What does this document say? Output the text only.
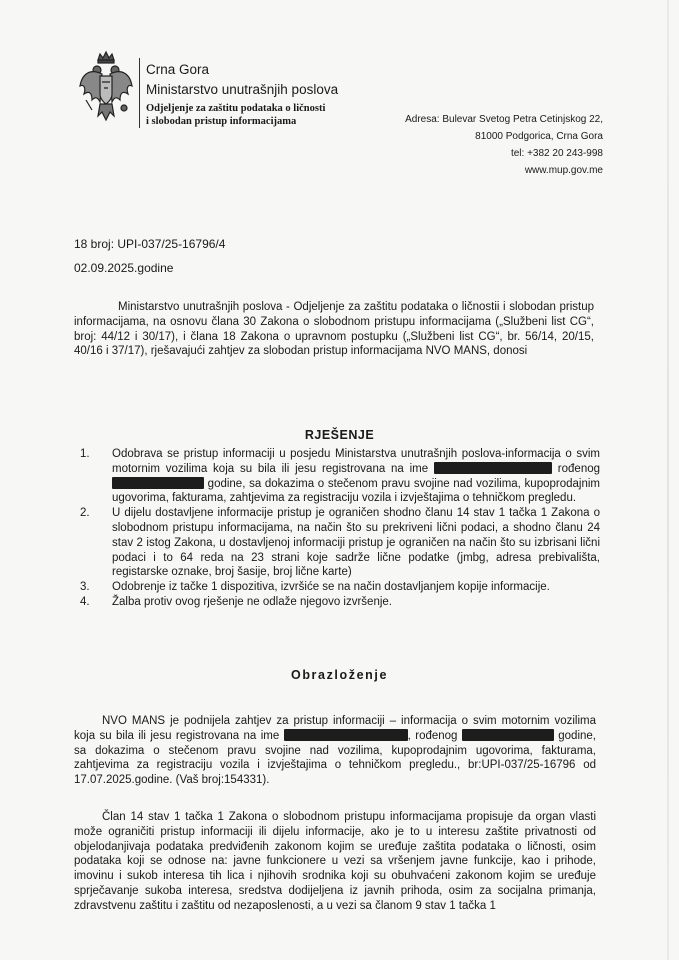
Crna Gora
Ministarstvo unutrašnjih poslova
Odjeljenje za zaštitu podataka o ličnosti
i slobodan pristup informacijama	Adresa: Bulevar Svetog Petra Cetinjskog 22,
81000 Podgorica, Crna Gora
tel: +382 20 243-998
www.mup.gov.me
18 broj: UPI-037/25-16796/4
02.09.2025.godine
Ministarstvo unutrašnjih poslova - Odjeljenje za zaštitu podataka o ličnostii i slobodan pristup informacijama, na osnovu člana 30 Zakona o slobodnom pristupu informacijama („Službeni list CG“, broj: 44/12 i 30/17), i člana 18 Zakona o upravnom postupku („Službeni list CG“, br. 56/14, 20/15, 40/16 i 37/17), rješavajući zahtjev za slobodan pristup informacijama NVO MANS, donosi
RJEŠENJE
1. Odobrava se pristup informaciji u posjedu Ministarstva unutrašnjih poslova-informacija o svim motornim vozilima koja su bila ili jesu registrovana na ime	rođenog  godine, sa dokazima o stečenom pravu svojine nad vozilima, kupoprodajnim ugovorima, fakturama, zahtjevima za registraciju vozila i izvještajima o tehničkom pregledu.
2. U dijelu dostavljene informacije pristup je ograničen shodno članu 14 stav 1 tačka 1 Zakona o slobodnom pristupu informacijama, na način što su prekriveni lični podaci, a shodno članu 24 stav 2 istog Zakona, u dostavljenoj informaciji pristup je ograničen na način što su izbrisani lični podaci i to 64 reda na 23 strani koje sadrže lične podatke (jmbg, adresa prebivališta, registarske oznake, broj šasije, broj lične karte)
3. Odobrenje iz tačke 1 dispozitiva, izvršiće se na način dostavljanjem kopije informacije.
4. Žalba protiv ovog rješenje ne odlaže njegovo izvršenje.
Obrazloženje
NVO MANS je podnijela zahtjev za pristup informaciji – informacija o svim motornim vozilima koja su bila ili jesu registrovana na ime	, rođenog	godine, sa dokazima o stečenom pravu svojine nad vozilima, kupoprodajnim ugovorima, fakturama, zahtjevima za registraciju vozila i izvještajima o tehničkom pregledu., br:UPI-037/25-16796 od 17.07.2025.godine. (Vaš broj:154331).
Član 14 stav 1 tačka 1 Zakona o slobodnom pristupu informacijama propisuje da organ vlasti može ograničiti pristup informaciji ili dijelu informacije, ako je to u interesu zaštite privatnosti od objelodanjivaja podataka predviđenih zakonom kojim se uređuje zaštita podataka o ličnosti, osim podataka koji se odnose na: javne funkcionere u vezi sa vršenjem javne funkcije, kao i prihode, imovinu i sukob interesa tih lica i njihovih srodnika koji su obuhvaćeni zakonom kojim se uređuje sprječavanje sukoba interesa, sredstva dodijeljena iz javnih prihoda, osim za socijalna primanja, zdravstvenu zaštitu i zaštitu od nezaposlenosti, a u vezi sa članom 9 stav 1 tačka 1
